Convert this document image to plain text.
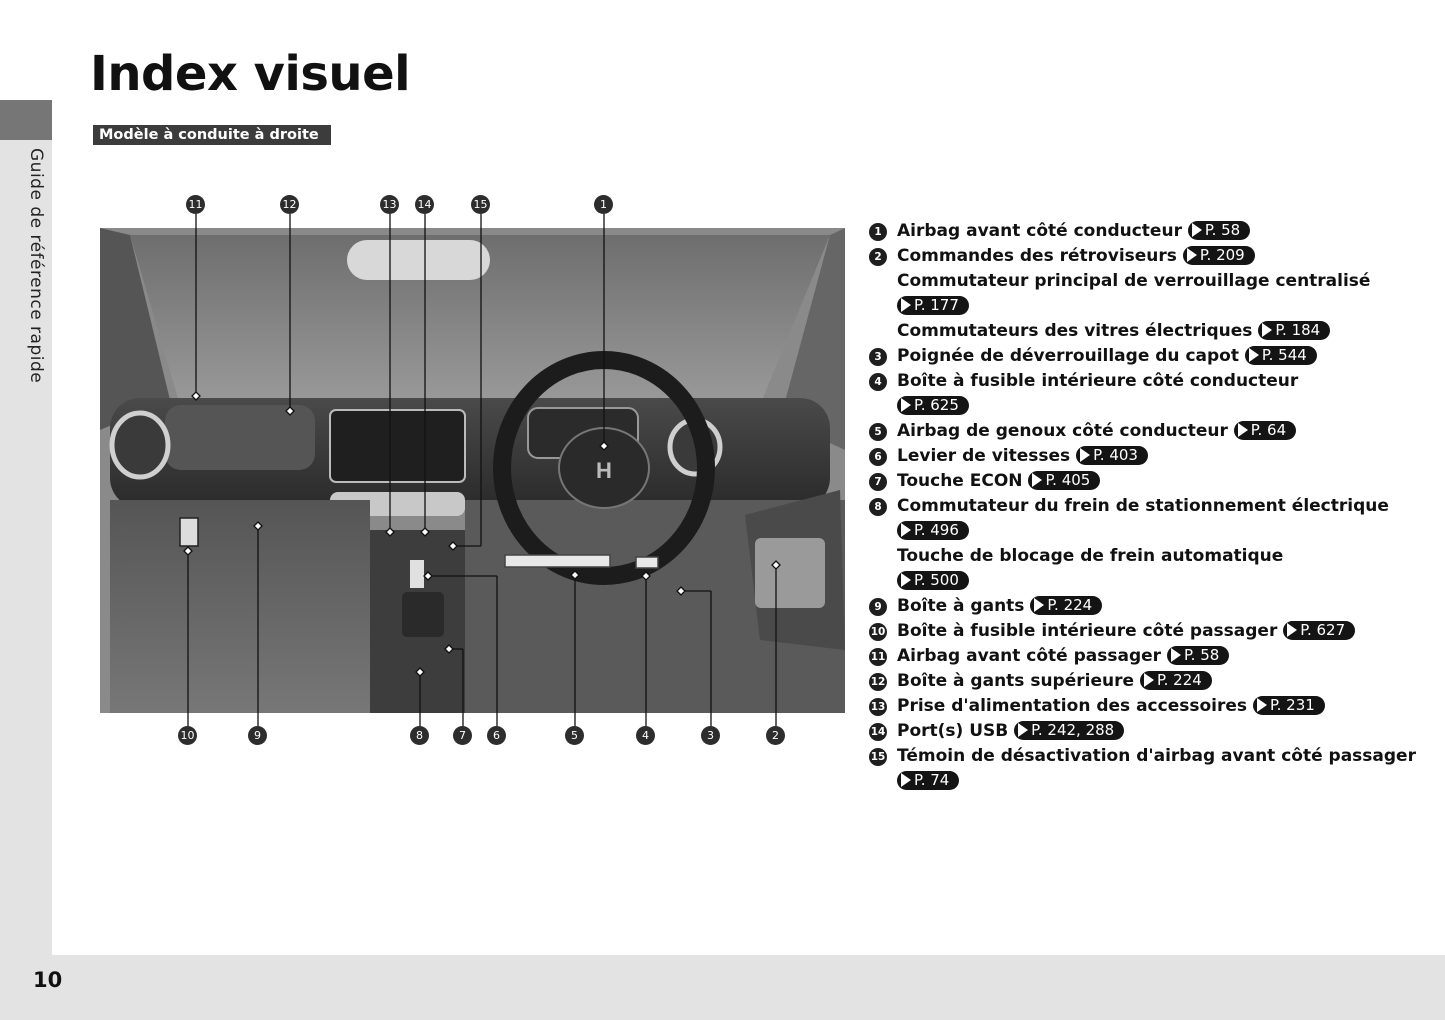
Guide de référence rapide
10
Index visuel
Modèle à conduite à droite
H
11	12	13 14	15	1
10	9	8	7	6	5	4	3	2
1 Airbag avant côté conducteur P. 58
2 Commandes des rétroviseurs P. 209
Commutateur principal de verrouillage centralisé
P. 177
Commutateurs des vitres électriques P. 184
3 Poignée de déverrouillage du capot P. 544
4 Boîte à fusible intérieure côté conducteur
P. 625
5 Airbag de genoux côté conducteur P. 64
6 Levier de vitesses P. 403
7 Touche ECON P. 405
8 Commutateur du frein de stationnement électrique P. 496
Touche de blocage de frein automatique
P. 500
9 Boîte à gants P. 224
10 Boîte à fusible intérieure côté passager P. 627
11 Airbag avant côté passager P. 58
12 Boîte à gants supérieure P. 224
13 Prise d'alimentation des accessoires P. 231
14 Port(s) USB P. 242, 288
15 Témoin de désactivation d'airbag avant côté passager P. 74
